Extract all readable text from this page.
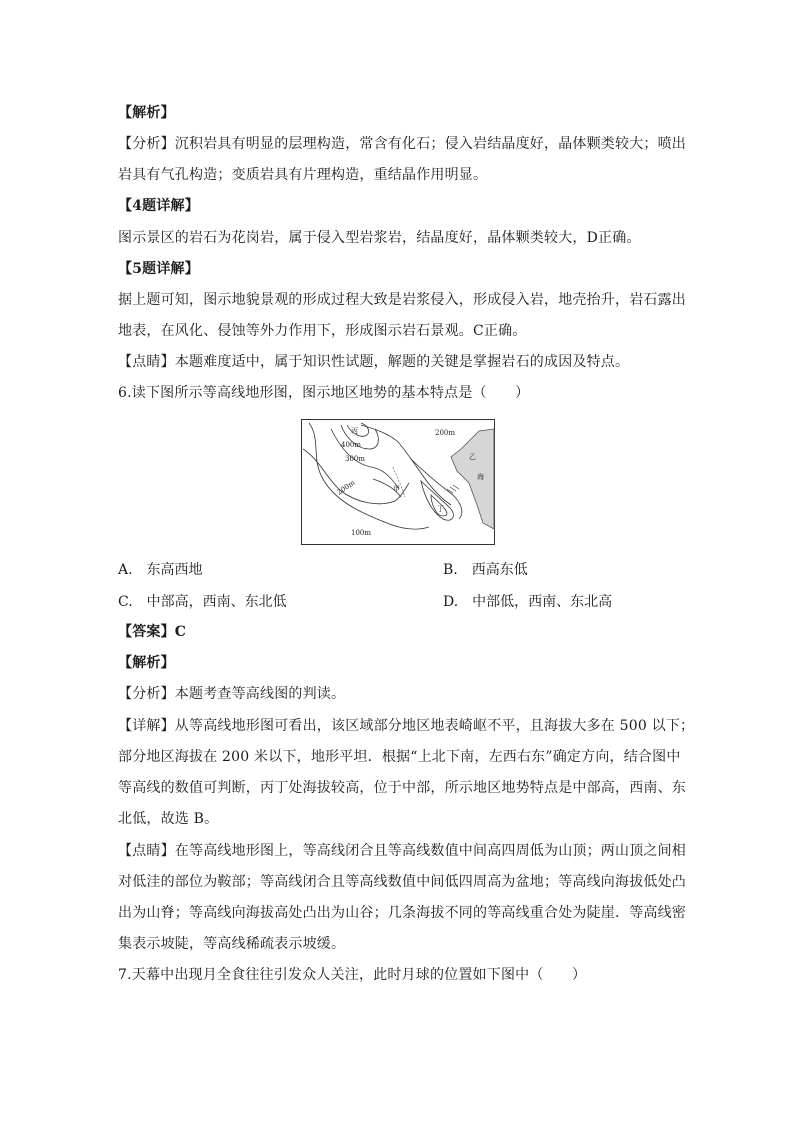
【解析】
【分析】沉积岩具有明显的层理构造，常含有化石；侵入岩结晶度好，晶体颗类较大；喷出
岩具有气孔构造；变质岩具有片理构造，重结晶作用明显。
【4题详解】
图示景区的岩石为花岗岩，属于侵入型岩浆岩，结晶度好，晶体颗类较大，D正确。
【5题详解】
据上题可知，图示地貌景观的形成过程大致是岩浆侵入，形成侵入岩，地壳抬升，岩石露出
地表，在风化、侵蚀等外力作用下，形成图示岩石景观。C正确。
【点睛】本题难度适中，属于知识性试题，解题的关键是掌握岩石的成因及特点。
6.读下图所示等高线地形图，图示地区地势的基本特点是（　　）
丙
400m
300m
200m
200m
100m
乙
海
甲
丁
A.　东高西地	B.　西高东低
C.　中部高，西南、东北低	D.　中部低，西南、东北高
【答案】C
【解析】
【分析】本题考查等高线图的判读。
【详解】从等高线地形图可看出，该区域部分地区地表崎岖不平，且海拔大多在 500 以下；
部分地区海拔在 200 米以下，地形平坦．根据“上北下南，左西右东”确定方向，结合图中
等高线的数值可判断，丙丁处海拔较高，位于中部，所示地区地势特点是中部高，西南、东
北低，故选 B。
【点睛】在等高线地形图上，等高线闭合且等高线数值中间高四周低为山顶；两山顶之间相
对低洼的部位为鞍部；等高线闭合且等高线数值中间低四周高为盆地；等高线向海拔低处凸
出为山脊；等高线向海拔高处凸出为山谷；几条海拔不同的等高线重合处为陡崖．等高线密
集表示坡陡，等高线稀疏表示坡缓。
7.天幕中出现月全食往往引发众人关注，此时月球的位置如下图中（　　）
